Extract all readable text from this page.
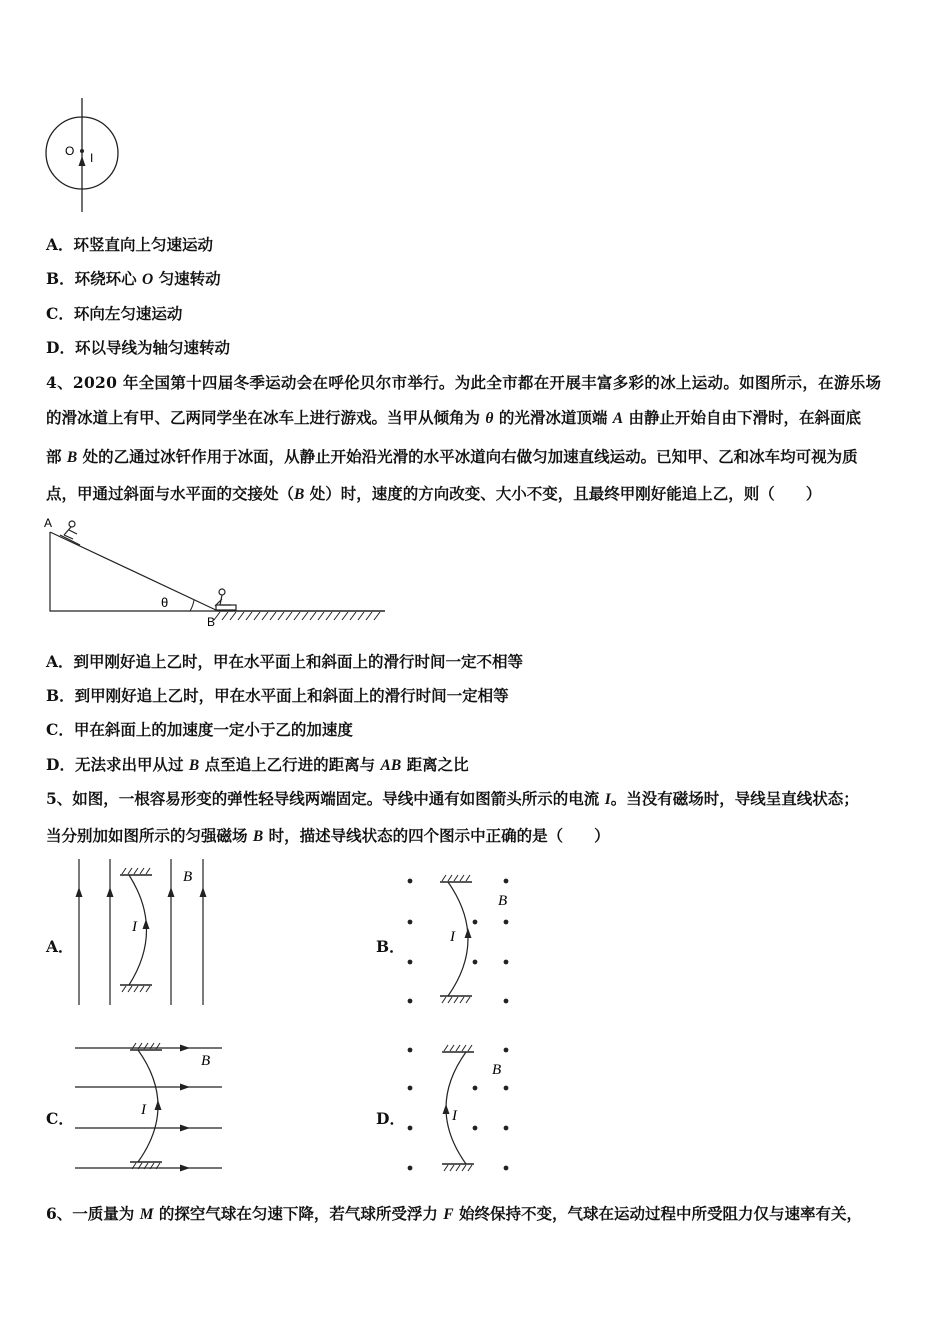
O I
A．环竖直向上匀速运动
B．环绕环心 O 匀速转动
C．环向左匀速运动
D．环以导线为轴匀速转动
4、2020 年全国第十四届冬季运动会在呼伦贝尔市举行。为此全市都在开展丰富多彩的冰上运动。如图所示，在游乐场
的滑冰道上有甲、乙两同学坐在冰车上进行游戏。当甲从倾角为 θ 的光滑冰道顶端 A 由静止开始自由下滑时，在斜面底
部 B 处的乙通过冰钎作用于冰面，从静止开始沿光滑的水平冰道向右做匀加速直线运动。已知甲、乙和冰车均可视为质
点，甲通过斜面与水平面的交接处（B 处）时，速度的方向改变、大小不变，且最终甲刚好能追上乙，则（　　）
A
B
θ
A．到甲刚好追上乙时，甲在水平面上和斜面上的滑行时间一定不相等
B．到甲刚好追上乙时，甲在水平面上和斜面上的滑行时间一定相等
C．甲在斜面上的加速度一定小于乙的加速度
D．无法求出甲从过 B 点至追上乙行进的距离与 AB 距离之比
5、如图，一根容易形变的弹性轻导线两端固定。导线中通有如图箭头所示的电流 I。当没有磁场时，导线呈直线状态；
当分别加如图所示的匀强磁场 B 时，描述导线状态的四个图示中正确的是（　　）
A．
I
B
B．	I
B
C．	I
B
D．	I
B
6、一质量为 M 的探空气球在匀速下降，若气球所受浮力 F 始终保持不变，气球在运动过程中所受阻力仅与速率有关，
